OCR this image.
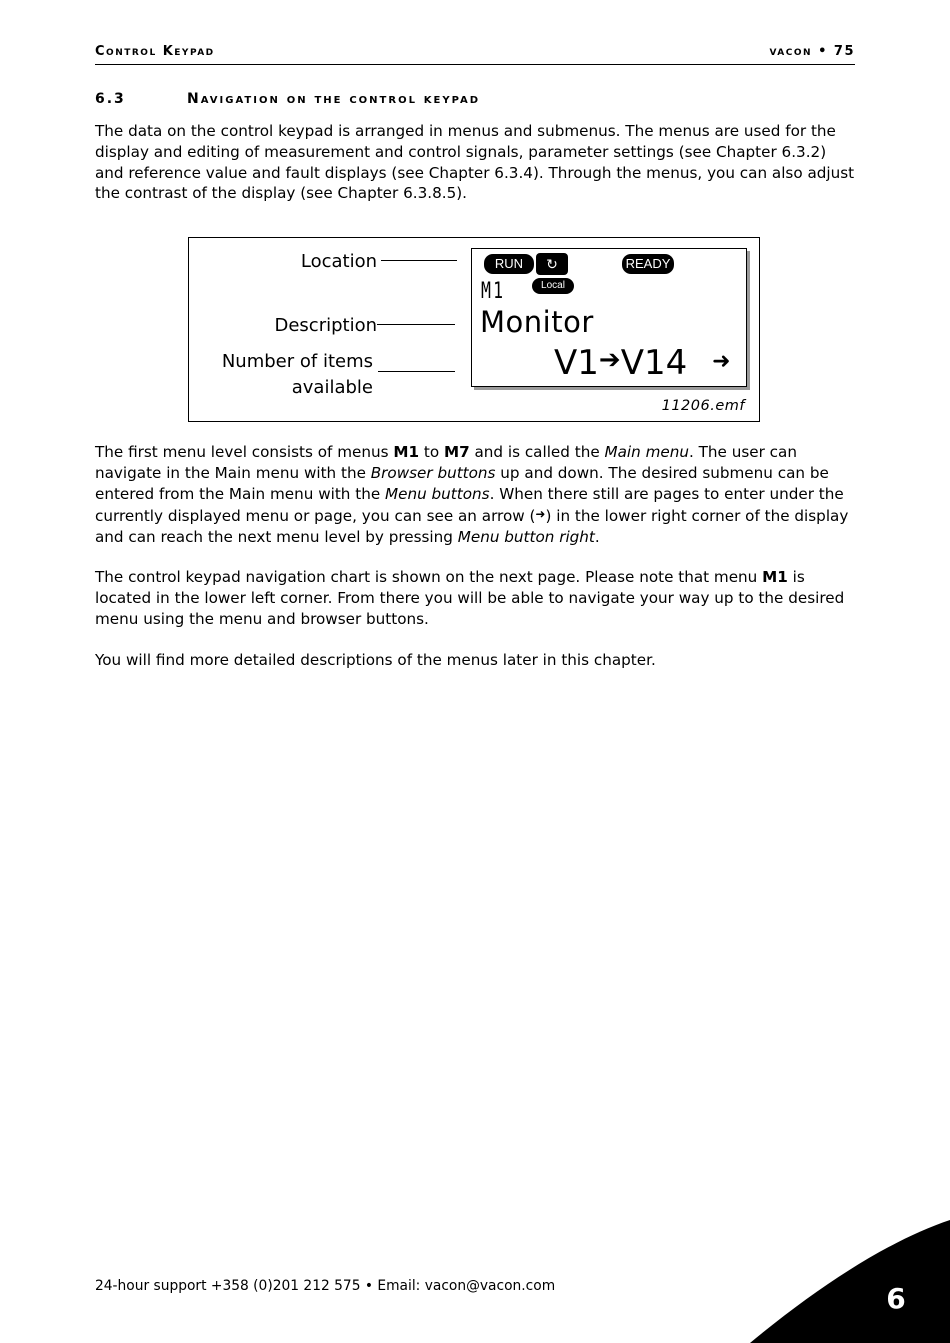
Control Keypad	vacon • 75
6.3	Navigation on the control keypad

The data on the control keypad is arranged in menus and submenus. The menus are used for the display and editing of measurement and control signals, parameter settings (see Chapter 6.3.2) and reference value and fault displays (see Chapter 6.3.4). Through the menus, you can also adjust the contrast of the display (see Chapter 6.3.8.5).

Location
Description
Number of items
available
RUN	↻	READY
Local
M1
Monitor
V1➔V14 ➜
11206.emf

The first menu level consists of menus M1 to M7 and is called the Main menu. The user can navigate in the Main menu with the Browser buttons up and down. The desired submenu can be entered from the Main menu with the Menu buttons. When there still are pages to enter under the currently displayed menu or page, you can see an arrow (➜) in the lower right corner of the display and can reach the next menu level by pressing Menu button right.

The control keypad navigation chart is shown on the next page. Please note that menu M1 is located in the lower left corner. From there you will be able to navigate your way up to the desired menu using the menu and browser buttons.

You will find more detailed descriptions of the menus later in this chapter.

24-hour support +358 (0)201 212 575 • Email: vacon@vacon.com	6
